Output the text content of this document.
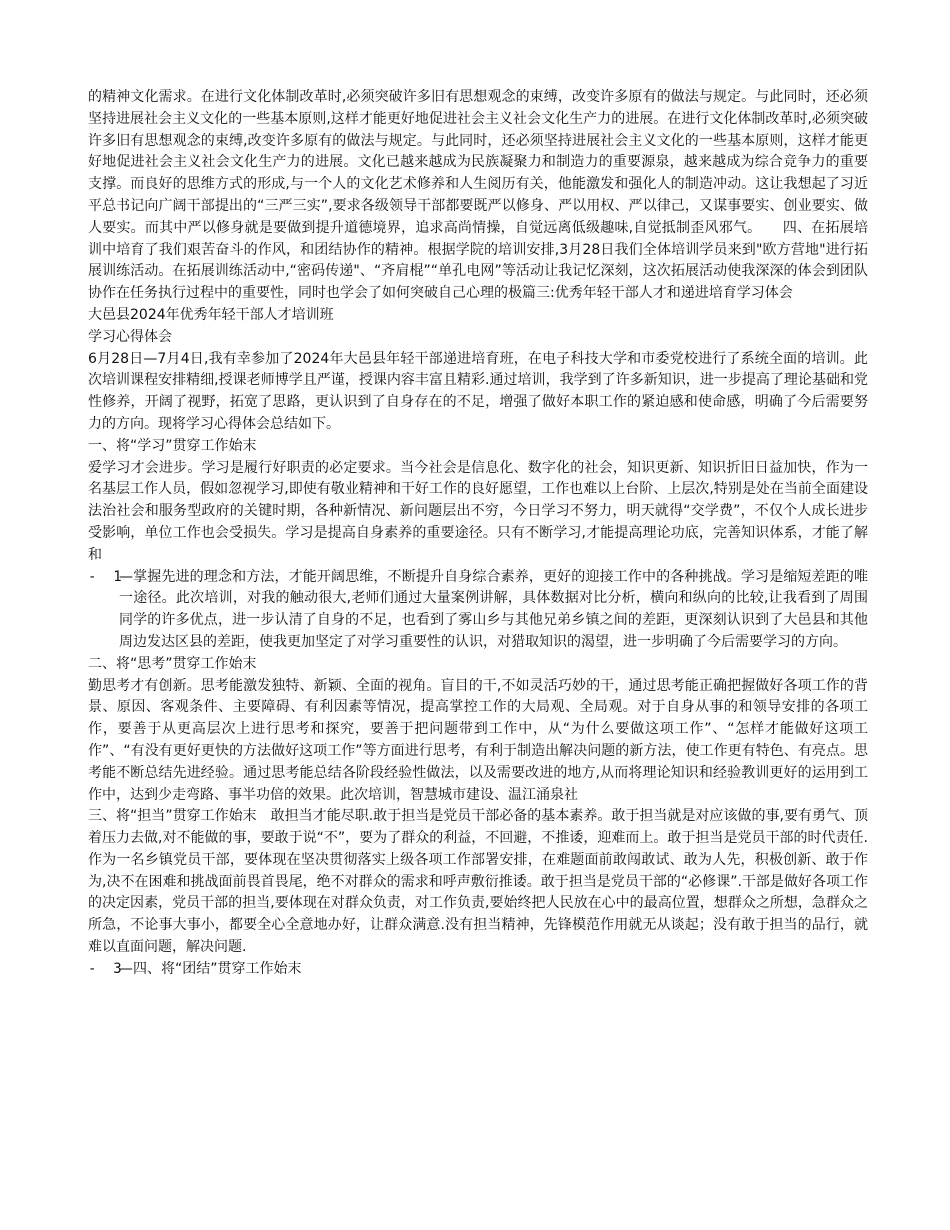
的精神文化需求。在进行文化体制改革时,必须突破许多旧有思想观念的束缚，改变许多原有的做法与规定。与此同时，还必须坚持进展社会主义文化的一些基本原则,这样才能更好地促进社会主义社会文化生产力的进展。在进行文化体制改革时,必须突破许多旧有思想观念的束缚,改变许多原有的做法与规定。与此同时，还必须坚持进展社会主义文化的一些基本原则，这样才能更好地促进社会主义社会文化生产力的进展。文化已越来越成为民族凝聚力和制造力的重要源泉，越来越成为综合竞争力的重要支撑。而良好的思维方式的形成,与一个人的文化艺术修养和人生阅历有关，他能激发和强化人的制造冲动。这让我想起了习近平总书记向广阔干部提出的“三严三实”,要求各级领导干部都要既严以修身、严以用权、严以律己，又谋事要实、创业要实、做人要实。而其中严以修身就是要做到提升道德境界，追求高尚情操，自觉远离低级趣味,自觉抵制歪风邪气。　　四、在拓展培训中培育了我们艰苦奋斗的作风，和团结协作的精神。根据学院的培训安排,3月28日我们全体培训学员来到"欧方营地"进行拓展训练活动。在拓展训练活动中,“密码传递"、“齐肩棍”“单孔电网”等活动让我记忆深刻，这次拓展活动使我深深的体会到团队协作在任务执行过程中的重要性，同时也学会了如何突破自己心理的极篇三:优秀年轻干部人才和递进培育学习体会

大邑县2024年优秀年轻干部人才培训班

学习心得体会

6月28日—7月4日,我有幸参加了2024年大邑县年轻干部递进培育班，在电子科技大学和市委党校进行了系统全面的培训。此次培训课程安排精细,授课老师博学且严谨，授课内容丰富且精彩.通过培训，我学到了许多新知识，进一步提高了理论基础和党性修养，开阔了视野，拓宽了思路，更认识到了自身存在的不足，增强了做好本职工作的紧迫感和使命感，明确了今后需要努力的方向。现将学习心得体会总结如下。

一、将“学习”贯穿工作始末

爱学习才会进步。学习是履行好职责的必定要求。当今社会是信息化、数字化的社会，知识更新、知识折旧日益加快，作为一名基层工作人员，假如忽视学习,即使有敬业精神和干好工作的良好愿望，工作也难以上台阶、上层次,特别是处在当前全面建设法治社会和服务型政府的关键时期，各种新情况、新问题层出不穷，今日学习不努力，明天就得“交学费”，不仅个人成长进步受影响，单位工作也会受损失。学习是提高自身素养的重要途径。只有不断学习,才能提高理论功底，完善知识体系，才能了解和

-  1
—掌握先进的理念和方法，才能开阔思维，不断提升自身综合素养，更好的迎接工作中的各种挑战。学习是缩短差距的唯一途径。此次培训，对我的触动很大,老师们通过大量案例讲解，具体数据对比分析，横向和纵向的比较,让我看到了周围同学的许多优点，进一步认清了自身的不足，也看到了雾山乡与其他兄弟乡镇之间的差距，更深刻认识到了大邑县和其他周边发达区县的差距，使我更加坚定了对学习重要性的认识，对猎取知识的渴望，进一步明确了今后需要学习的方向。

二、将“思考”贯穿工作始末

勤思考才有创新。思考能激发独特、新颖、全面的视角。盲目的干,不如灵活巧妙的干，通过思考能正确把握做好各项工作的背景、原因、客观条件、主要障碍、有利因素等情况，提高掌控工作的大局观、全局观。对于自身从事的和领导安排的各项工作，要善于从更高层次上进行思考和探究，要善于把问题带到工作中，从“为什么要做这项工作”、“怎样才能做好这项工作”、“有没有更好更快的方法做好这项工作”等方面进行思考，有利于制造出解决问题的新方法，使工作更有特色、有亮点。思考能不断总结先进经验。通过思考能总结各阶段经验性做法，以及需要改进的地方,从而将理论知识和经验教训更好的运用到工作中，达到少走弯路、事半功倍的效果。此次培训，智慧城市建设、温江涌泉社

三、将“担当”贯穿工作始末　敢担当才能尽职.敢于担当是党员干部必备的基本素养。敢于担当就是对应该做的事,要有勇气、顶着压力去做,对不能做的事，要敢于说“不”，要为了群众的利益，不回避，不推诿，迎难而上。敢于担当是党员干部的时代责任.作为一名乡镇党员干部，要体现在坚决贯彻落实上级各项工作部署安排，在难题面前敢闯敢试、敢为人先，积极创新、敢于作为,决不在困难和挑战面前畏首畏尾，绝不对群众的需求和呼声敷衍推诿。敢于担当是党员干部的“必修课”.干部是做好各项工作的决定因素，党员干部的担当,要体现在对群众负责，对工作负责,要始终把人民放在心中的最高位置，想群众之所想，急群众之所急，不论事大事小，都要全心全意地办好，让群众满意.没有担当精神，先锋模范作用就无从谈起；没有敢于担当的品行，就难以直面问题，解决问题.

-  3
—四、将“团结”贯穿工作始末
